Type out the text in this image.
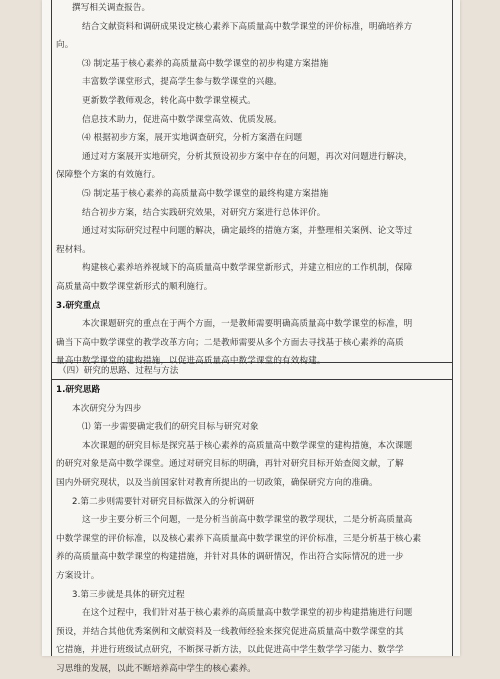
撰写相关调查报告。
结合文献资料和调研成果设定核心素养下高质量高中数学课堂的评价标准，明确培养方
向。
⑶ 制定基于核心素养的高质量高中数学课堂的初步构建方案措施
丰富数学课堂形式，提高学生参与数学课堂的兴趣。
更新数学教师观念，转化高中数学课堂模式。
信息技术助力，促进高中数学课堂高效、优质发展。
⑷ 根据初步方案，展开实地调查研究，分析方案潜在问题
通过对方案展开实地研究，分析其预设初步方案中存在的问题，再次对问题进行解决，
保障整个方案的有效施行。
⑸ 制定基于核心素养的高质量高中数学课堂的最终构建方案措施
结合初步方案，结合实践研究效果，对研究方案进行总体评价。
通过对实际研究过程中问题的解决，确定最终的措施方案，并整理相关案例、论文等过
程材料。
构建核心素养培养视域下的高质量高中数学课堂新形式，并建立相应的工作机制，保障
高质量高中数学课堂新形式的顺利施行。
3.研究重点
本次课题研究的重点在于两个方面，一是教师需要明确高质量高中数学课堂的标准，明
确当下高中数学课堂的教学改革方向；二是教师需要从多个方面去寻找基于核心素养的高质
量高中数学课堂的建构措施，以促进高质量高中数学课堂的有效构建。
（四）研究的思路、过程与方法
1.研究思路
本次研究分为四步
⑴ 第一步需要确定我们的研究目标与研究对象
本次课题的研究目标是探究基于核心素养的高质量高中数学课堂的建构措施，本次课题
的研究对象是高中数学课堂。通过对研究目标的明确，再针对研究目标开始查阅文献，了解
国内外研究现状，以及当前国家针对教育所提出的一切政策，确保研究方向的准确。
2.第二步则需要针对研究目标做深入的分析调研
这一步主要分析三个问题，一是分析当前高中数学课堂的教学现状，二是分析高质量高
中数学课堂的评价标准，以及核心素养下高质量高中数学课堂的评价标准，三是分析基于核心素
养的高质量高中数学课堂的构建措施，并针对具体的调研情况，作出符合实际情况的进一步
方案设计。
3.第三步就是具体的研究过程
在这个过程中，我们针对基于核心素养的高质量高中数学课堂的初步构建措施进行问题
预设，并结合其他优秀案例和文献资料及一线教师经验来探究促进高质量高中数学课堂的其
它措施，并进行班级试点研究，不断探寻新方法，以此促进高中学生数学学习能力、数学学
习思维的发展，以此不断培养高中学生的核心素养。
